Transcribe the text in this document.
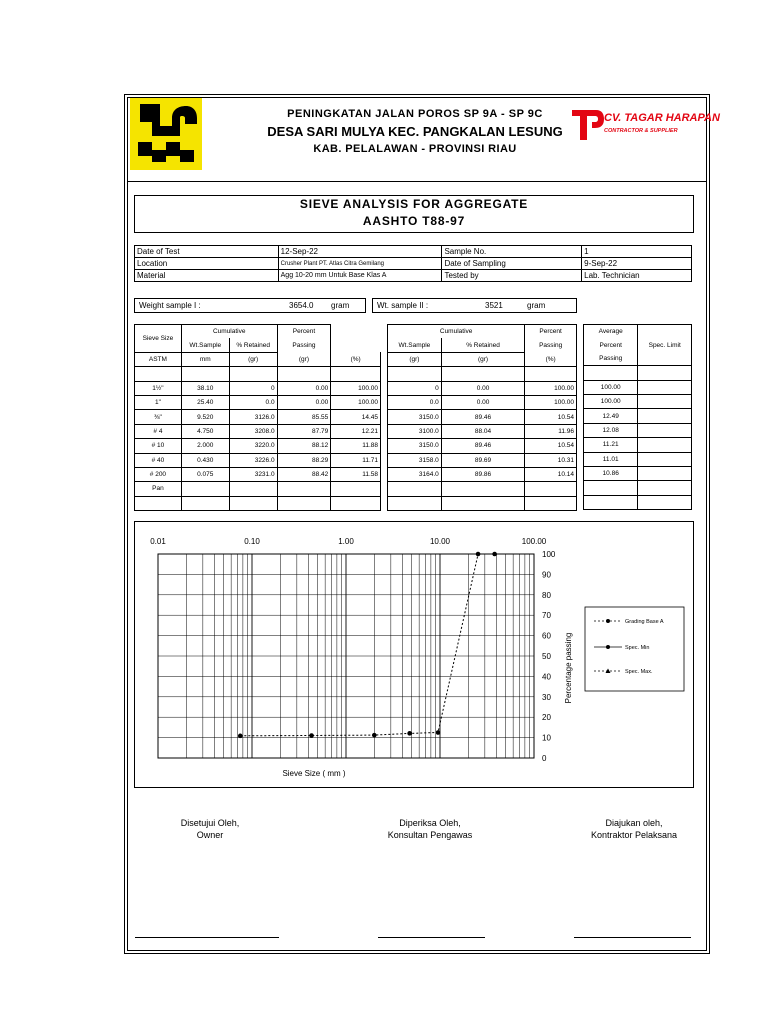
PENINGKATAN JALAN POROS SP 9A - SP 9C
DESA SARI MULYA KEC. PANGKALAN LESUNG
KAB. PELALAWAN - PROVINSI RIAU
CV. TAGAR HARAPAN
CONTRACTOR & SUPPLIER
SIEVE ANALYSIS FOR AGGREGATE
AASHTO T88-97
Date of Test	12-Sep-22	Sample No.	1
Location	Crusher Plant PT. Atlas Citra Gemilang	Date of Sampling	9-Sep-22
Material	Agg 10-20 mm Untuk Base Klas A	Tested by	Lab. Technician
Weight sample I :	3654.0 gram	Wt. sample II :	3521	gram
Sieve Size	Cumulative		Percent	
	Wt.Sample	% Retained	Passing	
ASTM	mm	(gr)	(gr)	(%)

1½"	38.10	0	0.00	100.00
1"	25.40	0.0	0.00	100.00
⅜"	9.520	3126.0	85.55	14.45
# 4	4.750	3208.0	87.79	12.21
# 10	2.000	3220.0	88.12	11.88
# 40	0.430	3226.0	88.29	11.71
# 200	0.075	3231.0	88.42	11.58
Pan				

Cumulative		Percent
Wt.Sample	% Retained	Passing
(gr)	(gr)	(%)

0	0.00	100.00
0.0	0.00	100.00
3150.0	89.46	10.54
3100.0	88.04	11.96
3150.0	89.46	10.54
3158.0	89.69	10.31
3164.0	89.86	10.14

Average	Spec. Limit
Percent	
Passing	

100.00	
100.00	
12.49	
12.08	
11.21	
11.01	
10.86	

0.01	0.10	1.00	10.00	100.00
100
90
80
70
60
50
40
30
20
10
0
Sieve Size ( mm )
Percentage passing
Grading Base A
Spec. Min
Spec. Max.
Disetujui Oleh,
Owner
Diperiksa Oleh,
Konsultan Pengawas
Diajukan oleh,
Kontraktor Pelaksana
